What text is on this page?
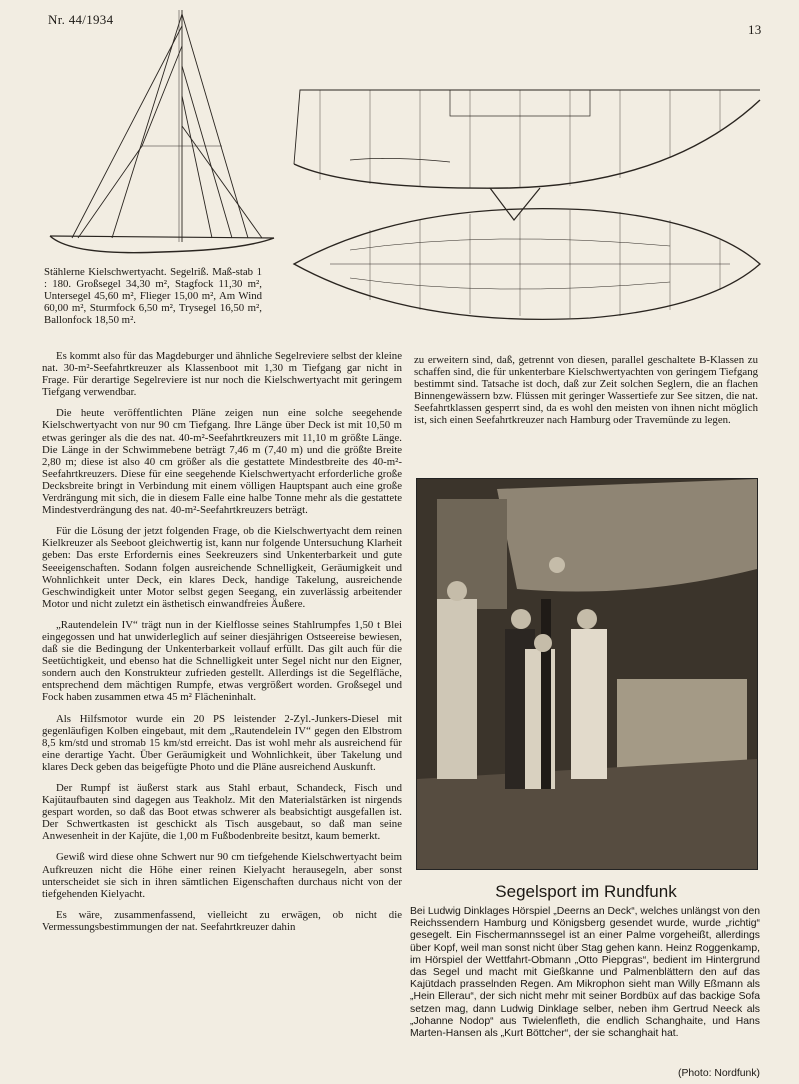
Nr. 44/1934
13
Stählerne Kielschwertyacht. Segelriß. Maß-stab 1 : 180. Großsegel 34,30 m², Stagfock 11,30 m², Untersegel 45,60 m², Flieger 15,00 m², Am Wind 60,00 m², Sturmfock 6,50 m², Trysegel 16,50 m², Ballonfock 18,50 m².

Es kommt also für das Magdeburger und ähnliche Segelreviere selbst der kleine nat. 30-m²-Seefahrtkreuzer als Klassenboot mit 1,30 m Tiefgang gar nicht in Frage. Für derartige Segelreviere ist nur noch die Kielschwertyacht mit geringem Tiefgang verwendbar.

Die heute veröffentlichten Pläne zeigen nun eine solche seegehende Kielschwertyacht von nur 90 cm Tiefgang. Ihre Länge über Deck ist mit 10,50 m etwas geringer als die des nat. 40-m²-Seefahrtkreuzers mit 11,10 m größte Länge. Die Länge in der Schwimmebene beträgt 7,46 m (7,40 m) und die größte Breite 2,80 m; diese ist also 40 cm größer als die gestattete Mindestbreite des 40-m²-Seefahrtkreuzers. Diese für eine seegehende Kielschwertyacht erforderliche große Decksbreite bringt in Verbindung mit einem völligen Hauptspant auch eine große Verdrängung mit sich, die in diesem Falle eine halbe Tonne mehr als die gestattete Mindestverdrängung des nat. 40-m²-Seefahrtkreuzers beträgt.

Für die Lösung der jetzt folgenden Frage, ob die Kielschwertyacht dem reinen Kielkreuzer als Seeboot gleichwertig ist, kann nur folgende Untersuchung Klarheit geben: Das erste Erfordernis eines Seekreuzers sind Unkenterbarkeit und gute Seeeigenschaften. Sodann folgen ausreichende Schnelligkeit, Geräumigkeit und Wohnlichkeit unter Deck, ein klares Deck, handige Takelung, ausreichende Geschwindigkeit unter Motor selbst gegen Seegang, ein zuverlässig arbeitender Motor und nicht zuletzt ein ästhetisch einwandfreies Äußere.

„Rautendelein IV“ trägt nun in der Kielflosse seines Stahlrumpfes 1,50 t Blei eingegossen und hat unwiderleglich auf seiner diesjährigen Ostseereise bewiesen, daß sie die Bedingung der Unkenterbarkeit vollauf erfüllt. Das gilt auch für die Seetüchtigkeit, und ebenso hat die Schnelligkeit unter Segel nicht nur den Eigner, sondern auch den Konstrukteur zufrieden gestellt. Allerdings ist die Segelfläche, entsprechend dem mächtigen Rumpfe, etwas vergrößert worden. Großsegel und Fock haben zusammen etwa 45 m² Flächeninhalt.

Als Hilfsmotor wurde ein 20 PS leistender 2-Zyl.-Junkers-Diesel mit gegenläufigen Kolben eingebaut, mit dem „Rautendelein IV“ gegen den Elbstrom 8,5 km/std und stromab 15 km/std erreicht. Das ist wohl mehr als ausreichend für eine derartige Yacht. Über Geräumigkeit und Wohnlichkeit, über Takelung und klares Deck geben das beigefügte Photo und die Pläne ausreichend Auskunft.

Der Rumpf ist äußerst stark aus Stahl erbaut, Schandeck, Fisch und Kajütaufbauten sind dagegen aus Teakholz. Mit den Materialstärken ist nirgends gespart worden, so daß das Boot etwas schwerer als beabsichtigt ausgefallen ist. Der Schwertkasten ist geschickt als Tisch ausgebaut, so daß man seine Anwesenheit in der Kajüte, die 1,00 m Fußbodenbreite besitzt, kaum bemerkt.

Gewiß wird diese ohne Schwert nur 90 cm tiefgehende Kielschwertyacht beim Aufkreuzen nicht die Höhe einer reinen Kielyacht herausegeln, aber sonst unterscheidet sie sich in ihren sämtlichen Eigenschaften durchaus nicht von der tiefgehenden Kielyacht.

Es wäre, zusammenfassend, vielleicht zu erwägen, ob nicht die Vermessungsbestimmungen der nat. Seefahrtkreuzer dahin

zu erweitern sind, daß, getrennt von diesen, parallel geschaltete B-Klassen zu schaffen sind, die für unkenterbare Kielschwertyachten von geringem Tiefgang bestimmt sind. Tatsache ist doch, daß zur Zeit solchen Seglern, die an flachen Binnengewässern bzw. Flüssen mit geringer Wassertiefe zur See sitzen, die nat. Seefahrtklassen gesperrt sind, da es wohl den meisten von ihnen nicht möglich ist, sich einen Seefahrtkreuzer nach Hamburg oder Travemünde zu legen.

Segelsport im Rundfunk
Bei Ludwig Dinklages Hörspiel „Deerns an Deck“, welches unlängst von den Reichssendern Hamburg und Königsberg gesendet wurde, wurde „richtig“ gesegelt. Ein Fischermannssegel ist an einer Palme vorgeheißt, allerdings über Kopf, weil man sonst nicht über Stag gehen kann. Heinz Roggenkamp, im Hörspiel der Wettfahrt-Obmann „Otto Piepgras“, bedient im Hintergrund das Segel und macht mit Gießkanne und Palmenblättern den auf das Kajütdach prasselnden Regen. Am Mikrophon sieht man Willy Eßmann als „Hein Ellerau“, der sich nicht mehr mit seiner Bordbüx auf das backige Sofa setzen mag, dann Ludwig Dinklage selber, neben ihm Gertrud Neeck als „Johanne Nodop“ aus Twielenfleth, die endlich Schanghaite, und Hans Marten-Hansen als „Kurt Böttcher“, der sie schanghait hat.
(Photo: Nordfunk)
